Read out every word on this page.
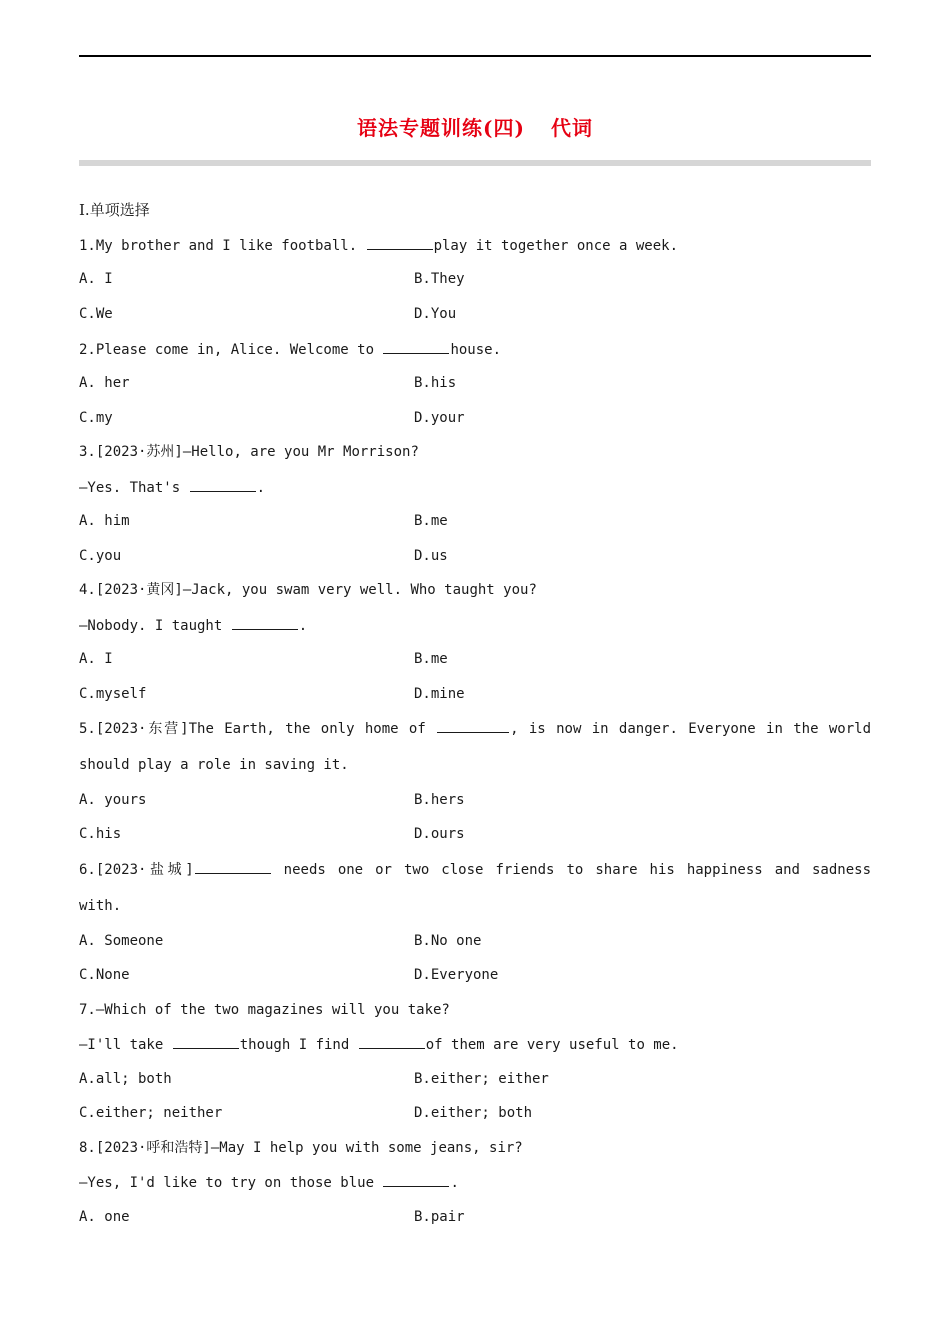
语法专题训练(四) 代词
Ⅰ.单项选择
1.My brother and I like football.	play it together once a week.
A. I	B.They
C.We	D.You
2.Please come in, Alice. Welcome to	house.
A. her	B.his
C.my	D.your
3.[2023·苏州]—Hello, are you Mr Morrison?
—Yes. That's	.
A. him	B.me
C.you	D.us
4.[2023·黄冈]—Jack, you swam very well. Who taught you?
—Nobody. I taught	.
A. I	B.me
C.myself	D.mine
5.[2023·东营]The Earth, the only home of	, is now in danger. Everyone in the world
should play a role in saving it.
A. yours	B.hers
C.his	D.ours
6.[2023·盐城]	needs one or two close friends to share his happiness and sadness
with.
A. Someone	B.No one
C.None	D.Everyone
7.—Which of the two magazines will you take?
—I'll take	though I find	of them are very useful to me.
A.all; both	B.either; either
C.either; neither	D.either; both
8.[2023·呼和浩特]—May I help you with some jeans, sir?
—Yes, I'd like to try on those blue	.
A. one	B.pair
